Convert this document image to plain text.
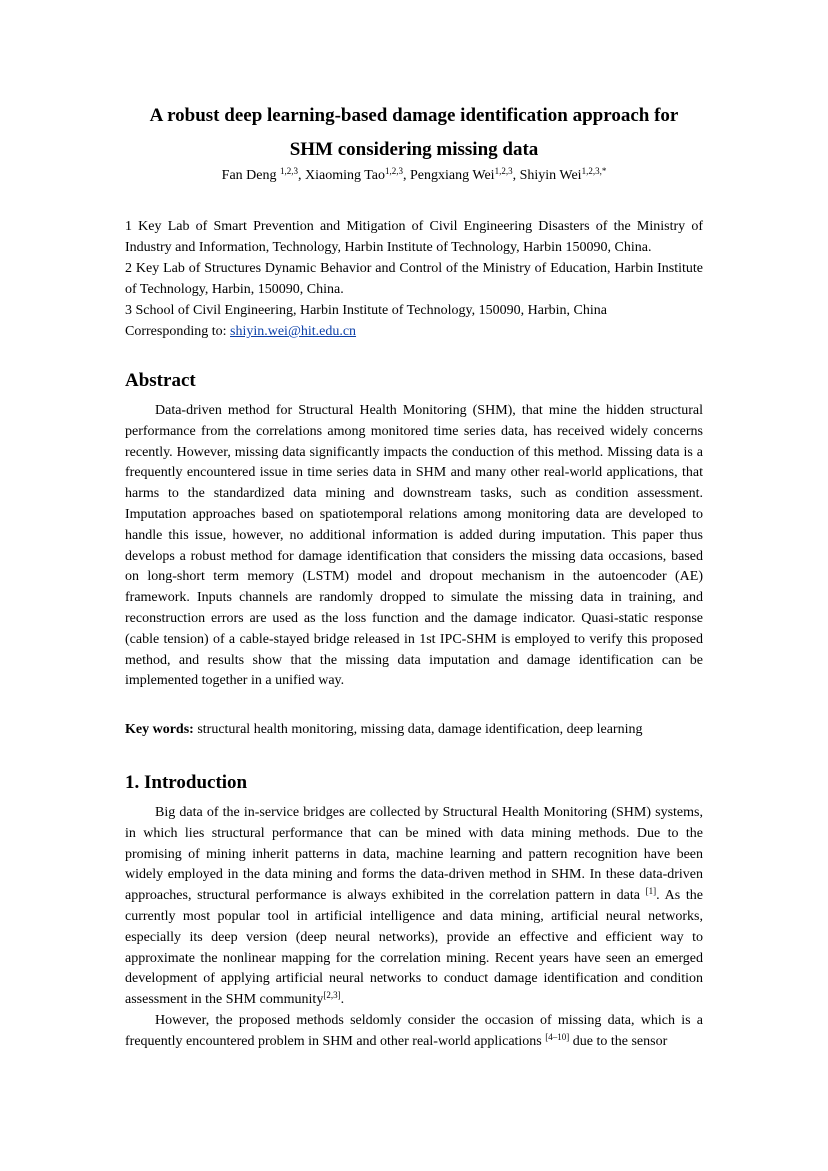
A robust deep learning-based damage identification approach for
SHM considering missing data
Fan Deng $^{1,2,3}$, Xiaoming Tao$^{1,2,3}$, Pengxiang Wei$^{1,2,3}$, Shiyin Wei$^{1,2,3,*}$

1 Key Lab of Smart Prevention and Mitigation of Civil Engineering Disasters of the Ministry of Industry and Information, Technology, Harbin Institute of Technology, Harbin 150090, China.

2 Key Lab of Structures Dynamic Behavior and Control of the Ministry of Education, Harbin Institute of Technology, Harbin, 150090, China.

3 School of Civil Engineering, Harbin Institute of Technology, 150090, Harbin, China

Corresponding to: shiyin.wei@hit.edu.cn

Abstract

Data-driven method for Structural Health Monitoring (SHM), that mine the hidden structural performance from the correlations among monitored time series data, has received widely concerns recently. However, missing data significantly impacts the conduction of this method. Missing data is a frequently encountered issue in time series data in SHM and many other real-world applications, that harms to the standardized data mining and downstream tasks, such as condition assessment. Imputation approaches based on spatiotemporal relations among monitoring data are developed to handle this issue, however, no additional information is added during imputation. This paper thus develops a robust method for damage identification that considers the missing data occasions, based on long-short term memory (LSTM) model and dropout mechanism in the autoencoder (AE) framework. Inputs channels are randomly dropped to simulate the missing data in training, and reconstruction errors are used as the loss function and the damage indicator. Quasi-static response (cable tension) of a cable-stayed bridge released in 1st IPC-SHM is employed to verify this proposed method, and results show that the missing data imputation and damage identification can be implemented together in a unified way.

Key words: structural health monitoring, missing data, damage identification, deep learning
1. Introduction

Big data of the in-service bridges are collected by Structural Health Monitoring (SHM) systems, in which lies structural performance that can be mined with data mining methods. Due to the promising of mining inherit patterns in data, machine learning and pattern recognition have been widely employed in the data mining and forms the data-driven method in SHM. In these data-driven approaches, structural performance is always exhibited in the correlation pattern in data [1]. As the currently most popular tool in artificial intelligence and data mining, artificial neural networks, especially its deep version (deep neural networks), provide an effective and efficient way to approximate the nonlinear mapping for the correlation mining. Recent years have seen an emerged development of applying artificial neural networks to conduct damage identification and condition assessment in the SHM community[2,3].

However, the proposed methods seldomly consider the occasion of missing data, which is a frequently encountered problem in SHM and other real-world applications [4–10] due to the sensor
